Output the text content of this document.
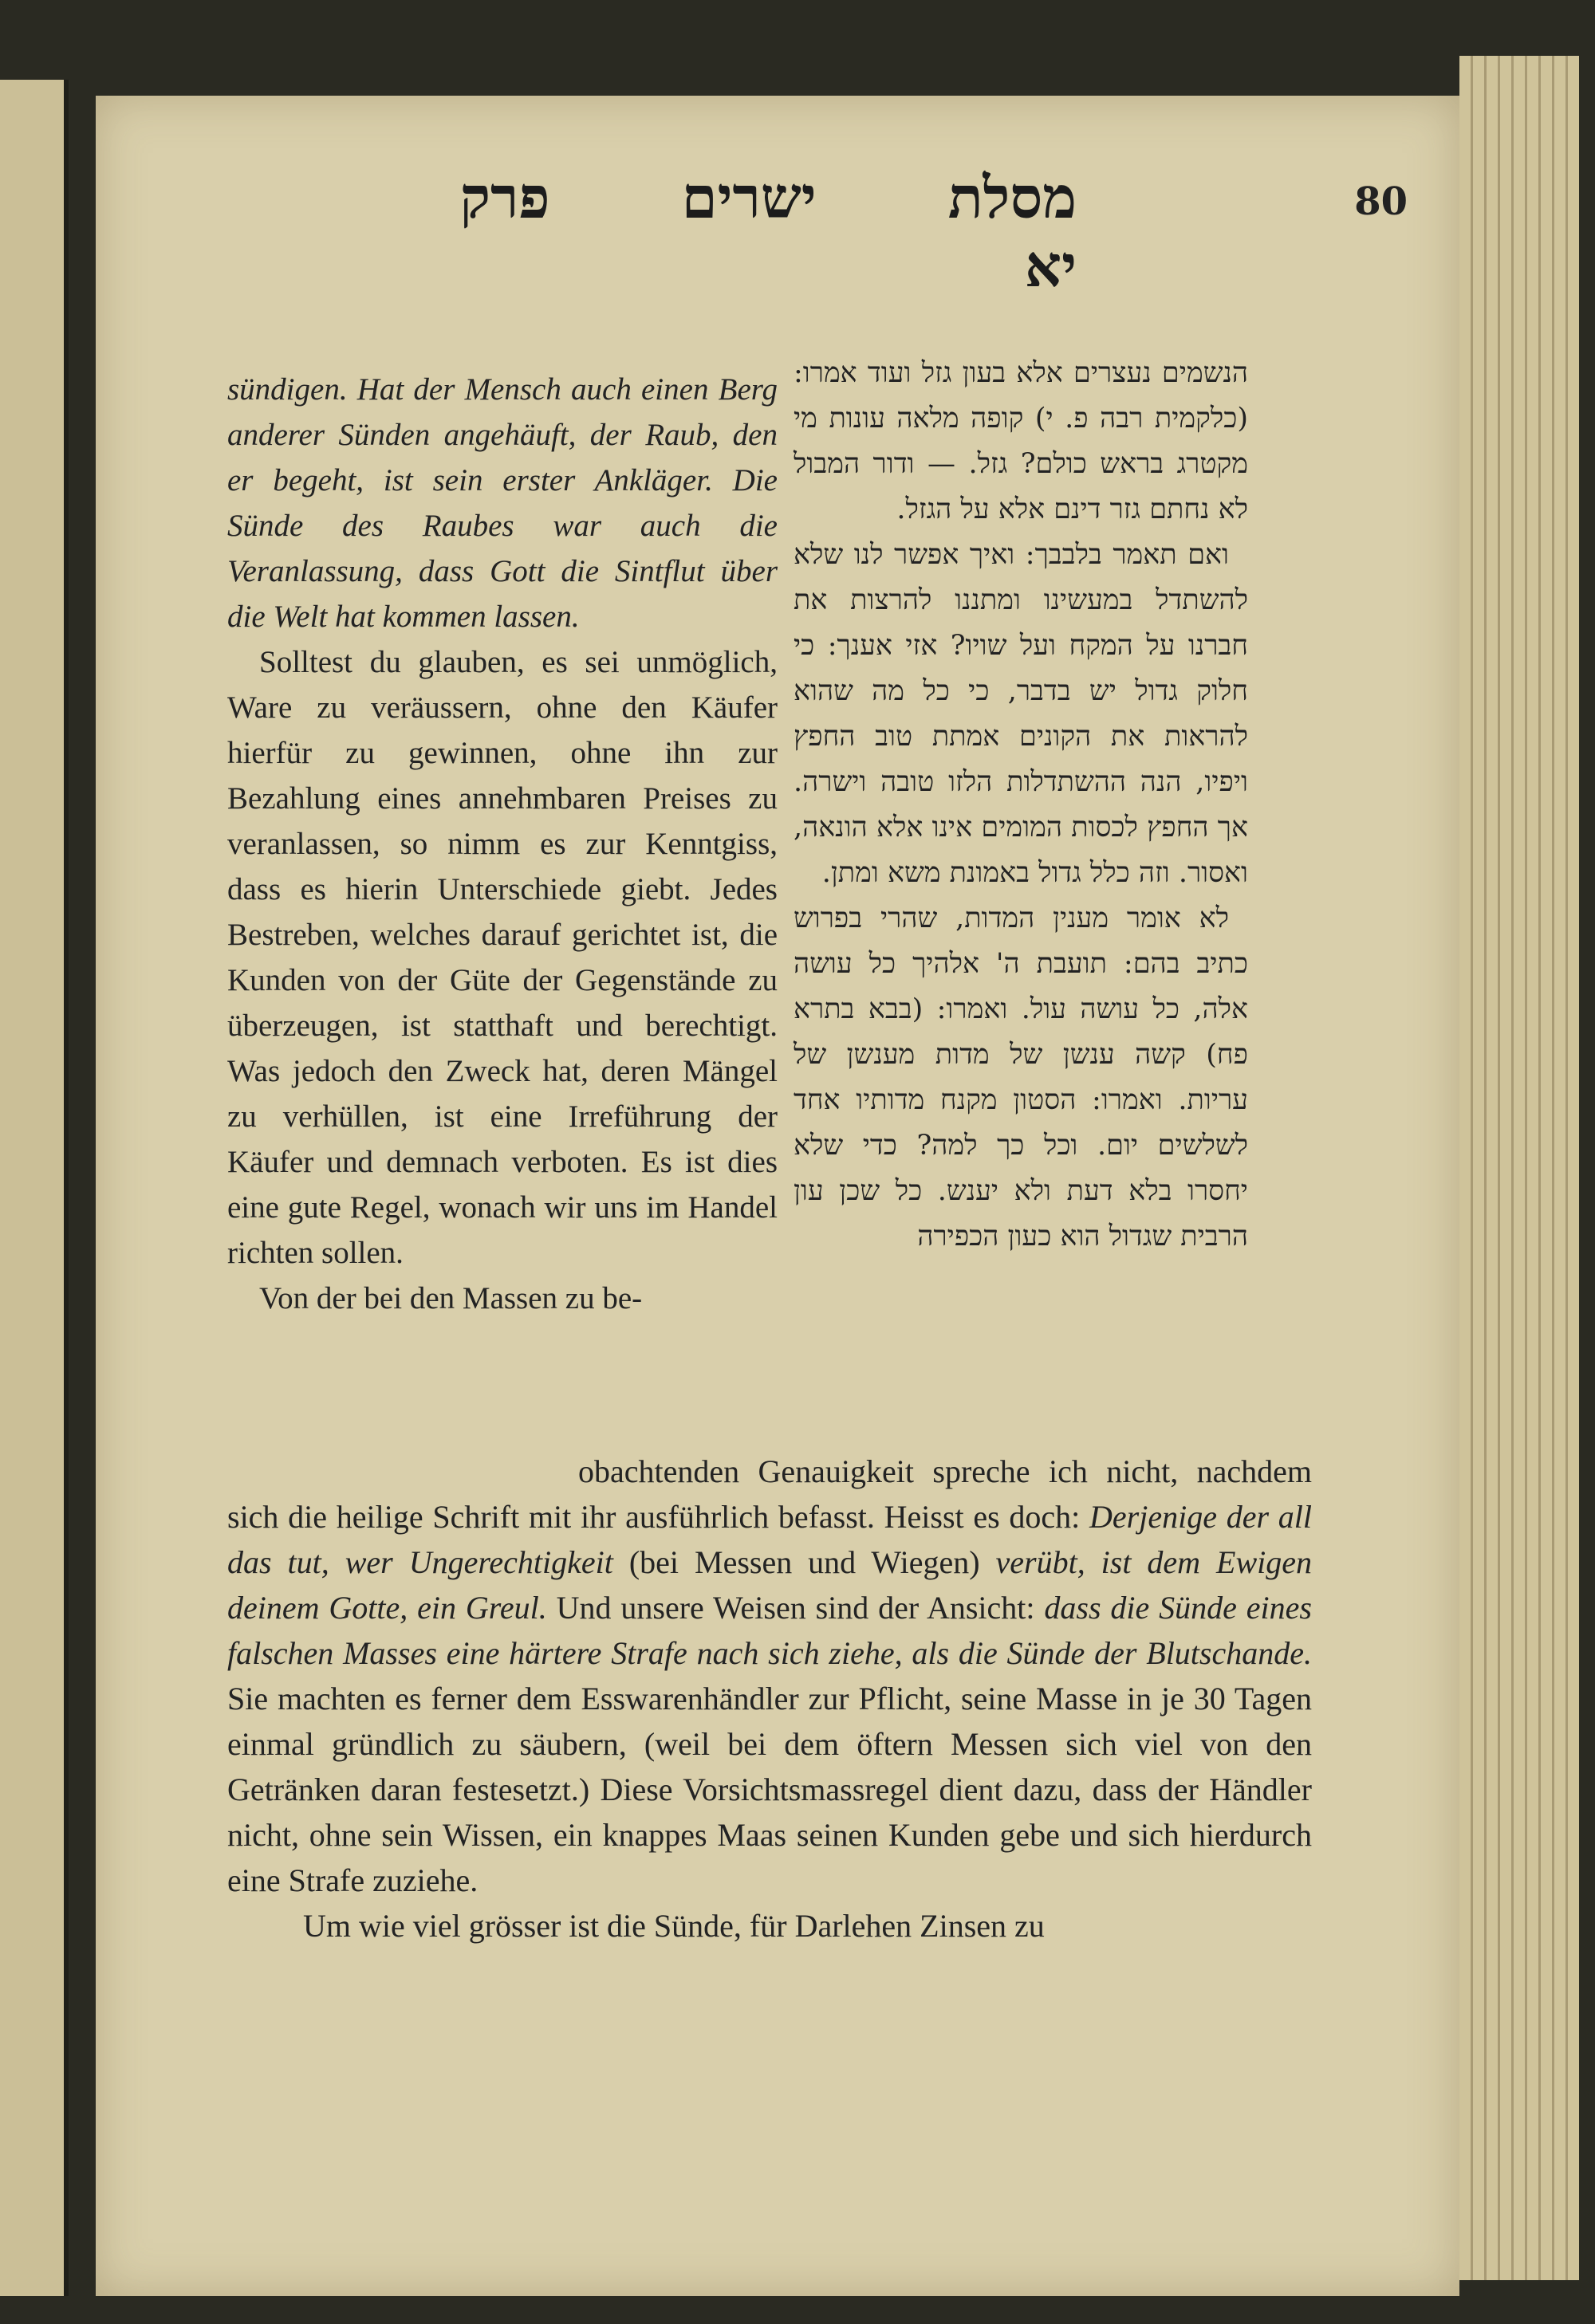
80
מסלת ישרים פרק יא

הנשמים נעצרים אלא בעון גזל ועוד אמרו: (כלקמית רבה פ. י) קופה מלאה עונות מי מקטרג בראש כולם? גזל. — ודור המבול לא נחתם גזר דינם אלא על הגזל.

ואם תאמר בלבבך: ואיך אפשר לנו שלא להשתדל במעשינו ומתננו להרצות את חברנו על המקח ועל שויו? אזי אענך: כי חלוק גדול יש בדבר, כי כל מה שהוא להראות את הקונים אמתת טוב החפץ ויפיו, הנה ההשתדלות הלזו טובה וישרה. אך החפץ לכסות המומים אינו אלא הונאה, ואסור. וזה כלל גדול באמונת משא ומתן.

לא אומר מענין המדות, שהרי בפרוש כתיב בהם: תועבת ה' אלהיך כל עושה אלה, כל עושה עול. ואמרו: (בבא בתרא פח) קשה ענשן של מדות מענשן של עריות. ואמרו: הסטון מקנח מדותיו אחד לשלשים יום. וכל כך למה? כדי שלא יחסרו בלא דעת ולא יענש. כל שכן עון הרבית שגדול הוא כעון הכפירה

sündigen. Hat der Mensch auch einen Berg anderer Sünden angehäuft, der Raub, den er begeht, ist sein erster Ankläger. Die Sünde des Raubes war auch die Veranlassung, dass Gott die Sintflut über die Welt hat kommen lassen.

Solltest du glauben, es sei unmöglich, Ware zu veräussern, ohne den Käufer hierfür zu gewinnen, ohne ihn zur Bezahlung eines annehmbaren Preises zu veranlassen, so nimm es zur Kenntgiss, dass es hierin Unterschiede giebt. Jedes Bestreben, welches darauf gerichtet ist, die Kunden von der Güte der Gegenstände zu überzeugen, ist statthaft und berechtigt. Was jedoch den Zweck hat, deren Mängel zu verhüllen, ist eine Irreführung der Käufer und demnach verboten. Es ist dies eine gute Regel, wonach wir uns im Handel richten sollen.

Von der bei den Massen zu be-

obachtenden Genauigkeit spreche ich nicht, nachdem sich die heilige Schrift mit ihr ausführlich befasst. Heisst es doch: Derjenige der all das tut, wer Ungerechtigkeit (bei Messen und Wiegen) verübt, ist dem Ewigen deinem Gotte, ein Greul. Und unsere Weisen sind der Ansicht: dass die Sünde eines falschen Masses eine härtere Strafe nach sich ziehe, als die Sünde der Blutschande. Sie machten es ferner dem Esswarenhändler zur Pflicht, seine Masse in je 30 Tagen einmal gründlich zu säubern, (weil bei dem öftern Messen sich viel von den Getränken daran festesetzt.) Diese Vorsichtsmassregel dient dazu, dass der Händler nicht, ohne sein Wissen, ein knappes Maas seinen Kunden gebe und sich hierdurch eine Strafe zuziehe.

Um wie viel grösser ist die Sünde, für Darlehen Zinsen zu
